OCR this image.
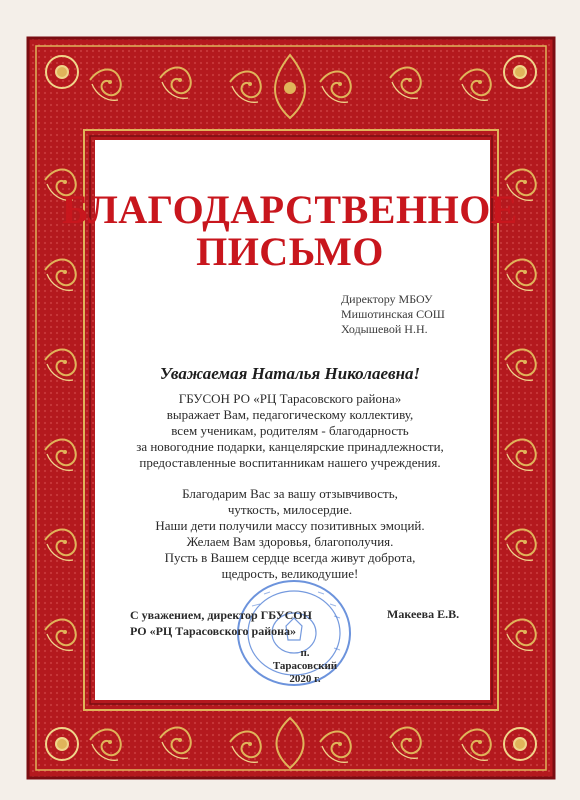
БЛАГОДАРСТВЕННОЕ
ПИСЬМО
Директору МБОУ
Мишотинская СОШ
Ходышевой Н.Н.
Уважаемая Наталья Николаевна!
ГБУСОН РО «РЦ Тарасовского района»
выражает Вам, педагогическому коллективу,
всем ученикам, родителям - благодарность
за новогодние подарки, канцелярские принадлежности,
предоставленные воспитанникам нашего учреждения.
Благодарим Вас за вашу отзывчивость,
чуткость, милосердие.
Наши дети получили массу позитивных эмоций.
Желаем Вам здоровья, благополучия.
Пусть в Вашем сердце всегда живут доброта,
щедрость, великодушие!
С уважением, директор ГБУСОН
РО «РЦ Тарасовского района»
Макеева Е.В.
п. Тарасовский
2020 г.
